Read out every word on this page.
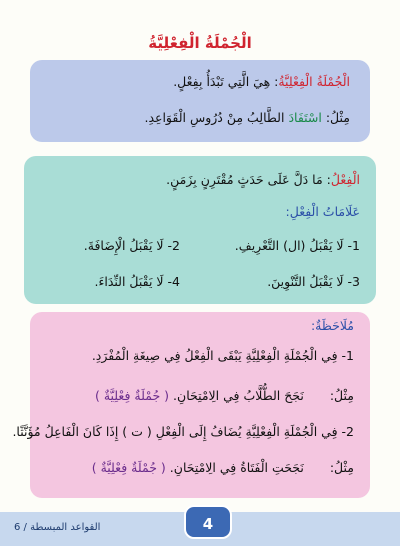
الْجُمْلَةُ الْفِعْلِيَّةُ
الْجُمْلَةُ الْفِعْلِيَّةُ: هِيَ الَّتِي تَبْدَأُ بِفِعْلٍ.
مِثْلُ: اسْتَفَادَ الطَّالِبُ مِنْ دُرُوسِ الْقَوَاعِدِ.
الْفِعْلُ: مَا دَلَّ عَلَى حَدَثٍ مُقْتَرِنٍ بِزَمَنٍ.
عَلَامَاتُ الْفِعْلِ:
1- لَا يَقْبَلُ (ال) التَّعْرِيفِ.
2- لَا يَقْبَلُ الْإِضَافَةَ.
3- لَا يَقْبَلُ التَّنْوِينَ.
4- لَا يَقْبَلُ النِّدَاءَ.
مُلَاحَظَةٌ:
1- فِي الْجُمْلَةِ الْفِعْلِيَّةِ يَبْقَى الْفِعْلُ فِي صِيغَةِ الْمُفْرَدِ.
مِثْلُ:نَجَحَ الطُّلَّابُ فِي الِامْتِحَانِ. ( جُمْلَةٌ فِعْلِيَّةٌ )
2- فِي الْجُمْلَةِ الْفِعْلِيَّةِ يُضَافُ إِلَى الْفِعْلِ ( ت ) إِذَا كَانَ الْفَاعِلُ مُؤَنَّثًا.
مِثْلُ:نَجَحَتِ الْفَتَاةُ فِي الِامْتِحَانِ. ( جُمْلَةٌ فِعْلِيَّةٌ )
القواعد المبسطة / 6	4
